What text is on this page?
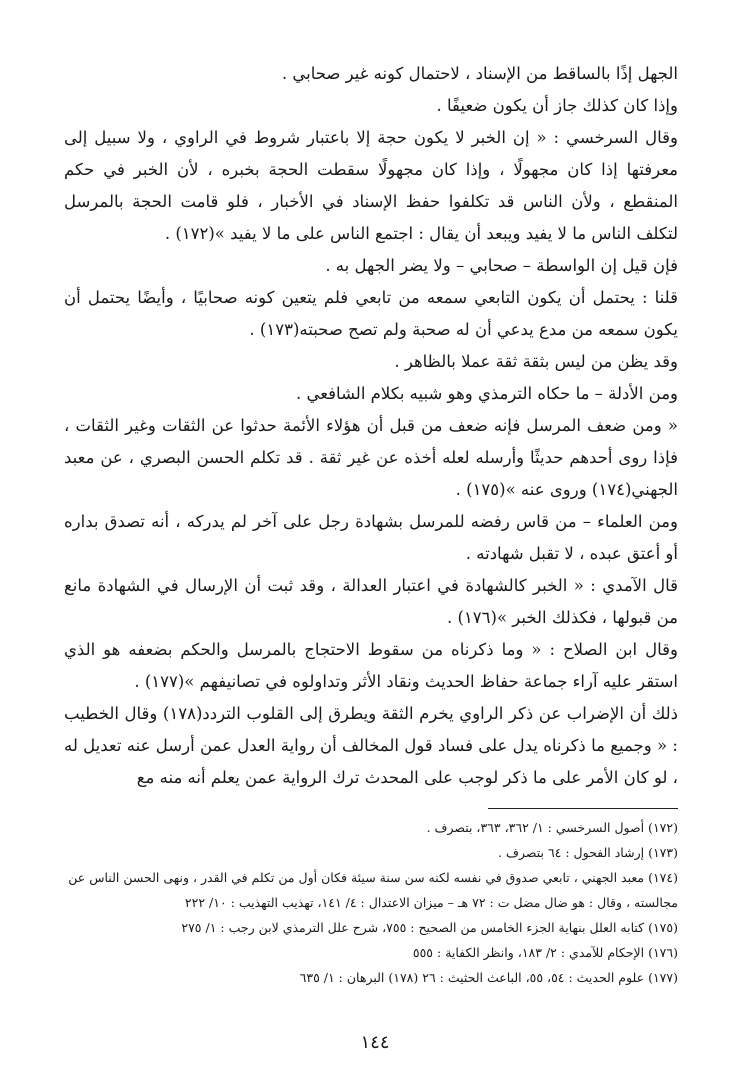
الجهل إذًا بالساقط من الإسناد ، لاحتمال كونه غير صحابي .

وإذا كان كذلك جاز أن يكون ضعيفًا .

وقال السرخسي : « إن الخبر لا يكون حجة إلا باعتبار شروط في الراوي ، ولا سبيل إلى معرفتها إذا كان مجهولًا ، وإذا كان مجهولًا سقطت الحجة بخبره ، لأن الخبر في حكم المنقطع ، ولأن الناس قد تكلفوا حفظ الإسناد في الأخبار ، فلو قامت الحجة بالمرسل لتكلف الناس ما لا يفيد ويبعد أن يقال : اجتمع الناس على ما لا يفيد »(١٧٢) .

فإن قيل إن الواسطة – صحابي – ولا يضر الجهل به .

قلنا : يحتمل أن يكون التابعي سمعه من تابعي فلم يتعين كونه صحابيًا ، وأيضًا يحتمل أن يكون سمعه من مدع يدعي أن له صحبة ولم تصح صحبته(١٧٣) .

وقد يظن من ليس بثقة ثقة عملا بالظاهر .

ومن الأدلة – ما حكاه الترمذي وهو شبيه بكلام الشافعي .

« ومن ضعف المرسل فإنه ضعف من قبل أن هؤلاء الأئمة حدثوا عن الثقات وغير الثقات ، فإذا روى أحدهم حديثًا وأرسله لعله أخذه عن غير ثقة . قد تكلم الحسن البصري ، عن معبد الجهني(١٧٤) وروى عنه »(١٧٥) .

ومن العلماء – من قاس رفضه للمرسل بشهادة رجل على آخر لم يدركه ، أنه تصدق بداره أو أعتق عبده ، لا تقبل شهادته .

قال الآمدي : « الخبر كالشهادة في اعتبار العدالة ، وقد ثبت أن الإرسال في الشهادة مانع من قبولها ، فكذلك الخبر »(١٧٦) .

وقال ابن الصلاح : « وما ذكرناه من سقوط الاحتجاج بالمرسل والحكم بضعفه هو الذي استقر عليه آراء جماعة حفاظ الحديث ونقاد الأثر وتداولوه في تصانيفهم »(١٧٧) .

ذلك أن الإضراب عن ذكر الراوي يخرم الثقة ويطرق إلى القلوب التردد(١٧٨) وقال الخطيب : « وجميع ما ذكرناه يدل على فساد قول المخالف أن رواية العدل عمن أرسل عنه تعديل له ، لو كان الأمر على ما ذكر لوجب على المحدث ترك الرواية عمن يعلم أنه منه مع

(١٧٢) أصول السرخسي : ١/ ٣٦٢، ٣٦٣، بتصرف .

(١٧٣) إرشاد الفحول : ٦٤ بتصرف .

(١٧٤) معبد الجهني ، تابعي صدوق في نفسه لكنه سن سنة سيئة فكان أول من تكلم في القدر ، ونهى الحسن الناس عن مجالسته ، وقال : هو ضال مضل ت : ٧٢ هـ – ميزان الاعتدال : ٤/ ١٤١، تهذيب التهذيب : ١٠/ ٢٢٢

(١٧٥) كتابه العلل بنهاية الجزء الخامس من الصحيح : ٧٥٥، شرح علل الترمذي لابن رجب : ١/ ٢٧٥

(١٧٦) الإحكام للآمدي : ٢/ ١٨٣، وانظر الكفاية : ٥٥٥

(١٧٧) علوم الحديث : ٥٤، ٥٥، الباعث الحثيث : ٢٦ (١٧٨) البرهان : ١/ ٦٣٥

١٤٤
